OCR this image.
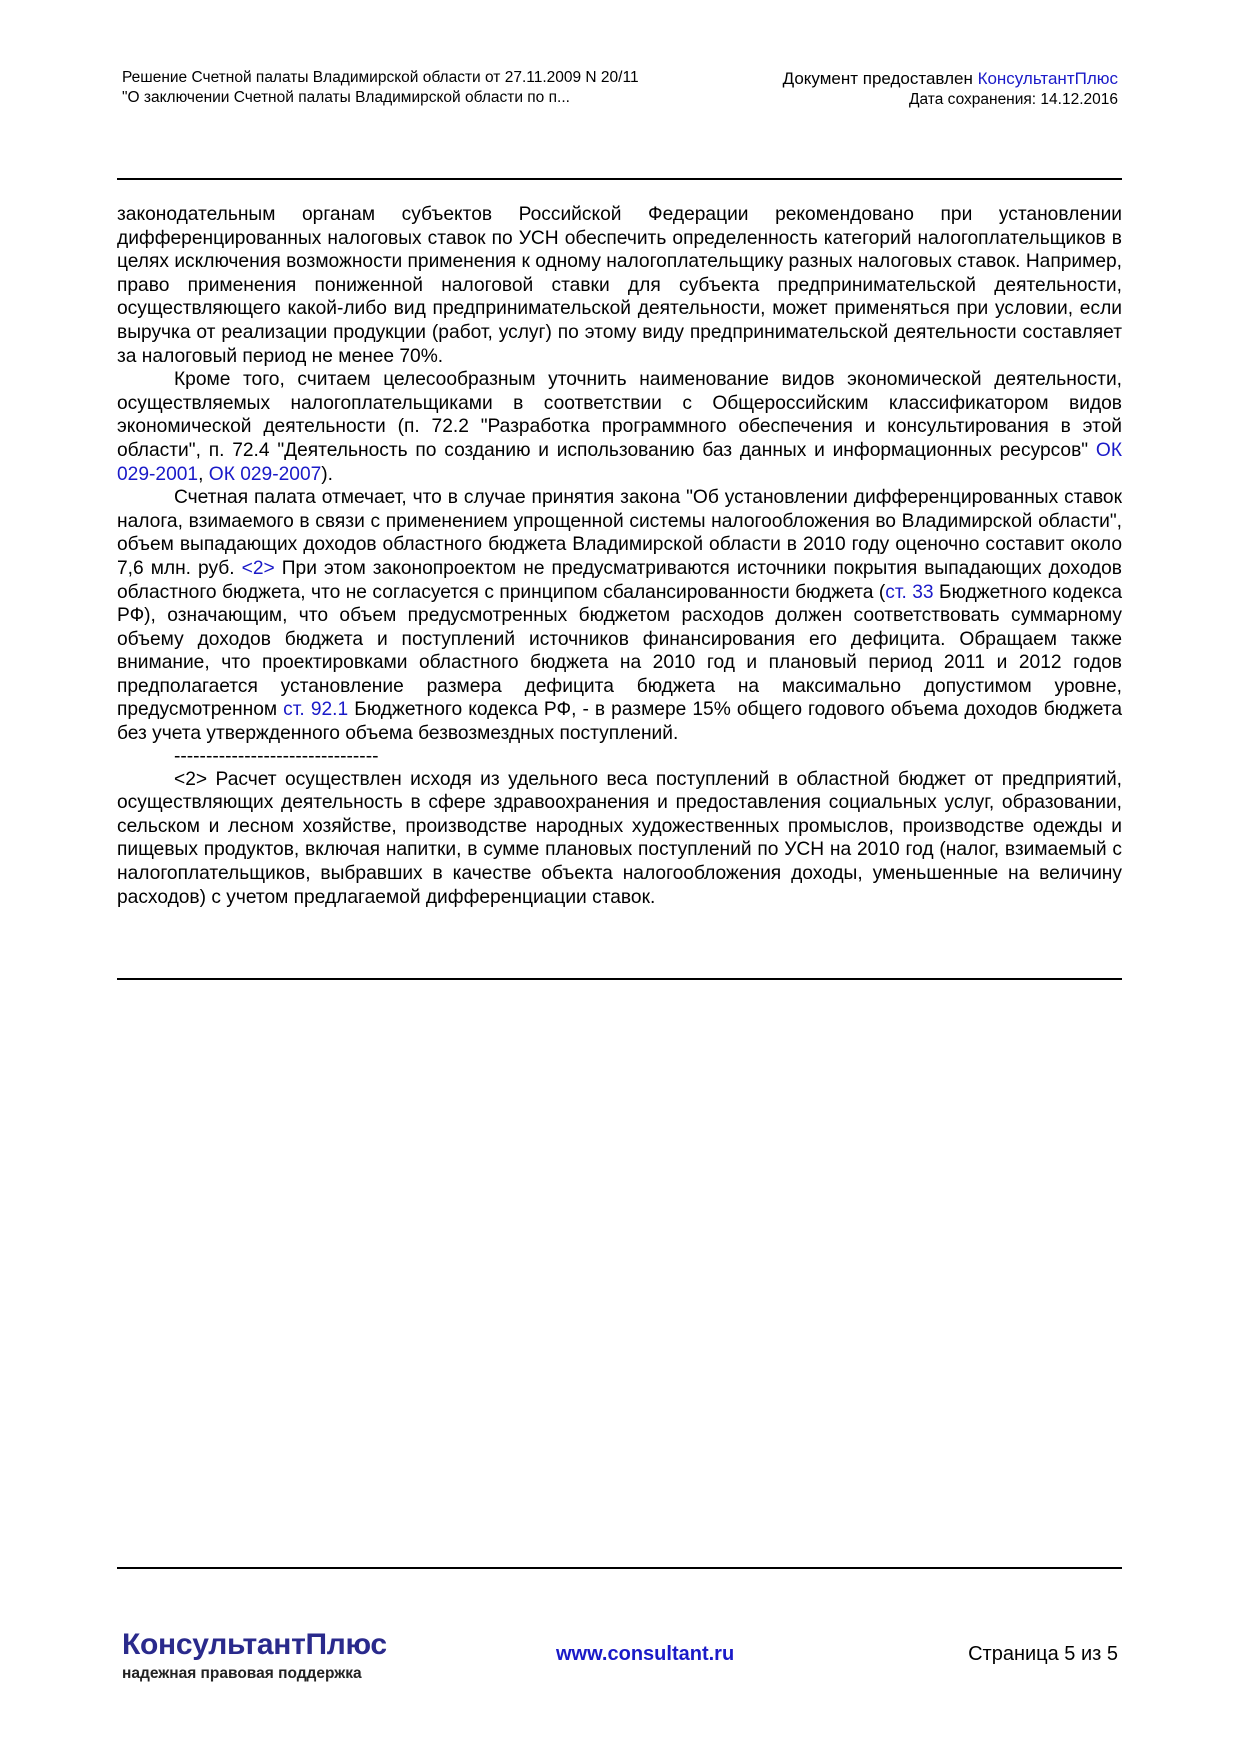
Решение Счетной палаты Владимирской области от 27.11.2009 N 20/11
"О заключении Счетной палаты Владимирской области по п...
Документ предоставлен КонсультантПлюс
Дата сохранения: 14.12.2016

законодательным органам субъектов Российской Федерации рекомендовано при установлении дифференцированных налоговых ставок по УСН обеспечить определенность категорий налогоплательщиков в целях исключения возможности применения к одному налогоплательщику разных налоговых ставок. Например, право применения пониженной налоговой ставки для субъекта предпринимательской деятельности, осуществляющего какой-либо вид предпринимательской деятельности, может применяться при условии, если выручка от реализации продукции (работ, услуг) по этому виду предпринимательской деятельности составляет за налоговый период не менее 70%.

Кроме того, считаем целесообразным уточнить наименование видов экономической деятельности, осуществляемых налогоплательщиками в соответствии с Общероссийским классификатором видов экономической деятельности (п. 72.2 "Разработка программного обеспечения и консультирования в этой области", п. 72.4 "Деятельность по созданию и использованию баз данных и информационных ресурсов" ОК 029-2001, ОК 029-2007).

Счетная палата отмечает, что в случае принятия закона "Об установлении дифференцированных ставок налога, взимаемого в связи с применением упрощенной системы налогообложения во Владимирской области", объем выпадающих доходов областного бюджета Владимирской области в 2010 году оценочно составит около 7,6 млн. руб. <2> При этом законопроектом не предусматриваются источники покрытия выпадающих доходов областного бюджета, что не согласуется с принципом сбалансированности бюджета (ст. 33 Бюджетного кодекса РФ), означающим, что объем предусмотренных бюджетом расходов должен соответствовать суммарному объему доходов бюджета и поступлений источников финансирования его дефицита. Обращаем также внимание, что проектировками областного бюджета на 2010 год и плановый период 2011 и 2012 годов предполагается установление размера дефицита бюджета на максимально допустимом уровне, предусмотренном ст. 92.1 Бюджетного кодекса РФ, - в размере 15% общего годового объема доходов бюджета без учета утвержденного объема безвозмездных поступлений.

--------------------------------

<2> Расчет осуществлен исходя из удельного веса поступлений в областной бюджет от предприятий, осуществляющих деятельность в сфере здравоохранения и предоставления социальных услуг, образовании, сельском и лесном хозяйстве, производстве народных художественных промыслов, производстве одежды и пищевых продуктов, включая напитки, в сумме плановых поступлений по УСН на 2010 год (налог, взимаемый с налогоплательщиков, выбравших в качестве объекта налогообложения доходы, уменьшенные на величину расходов) с учетом предлагаемой дифференциации ставок.

КонсультантПлюс
надежная правовая поддержка
www.consultant.ru	Страница 5 из 5
